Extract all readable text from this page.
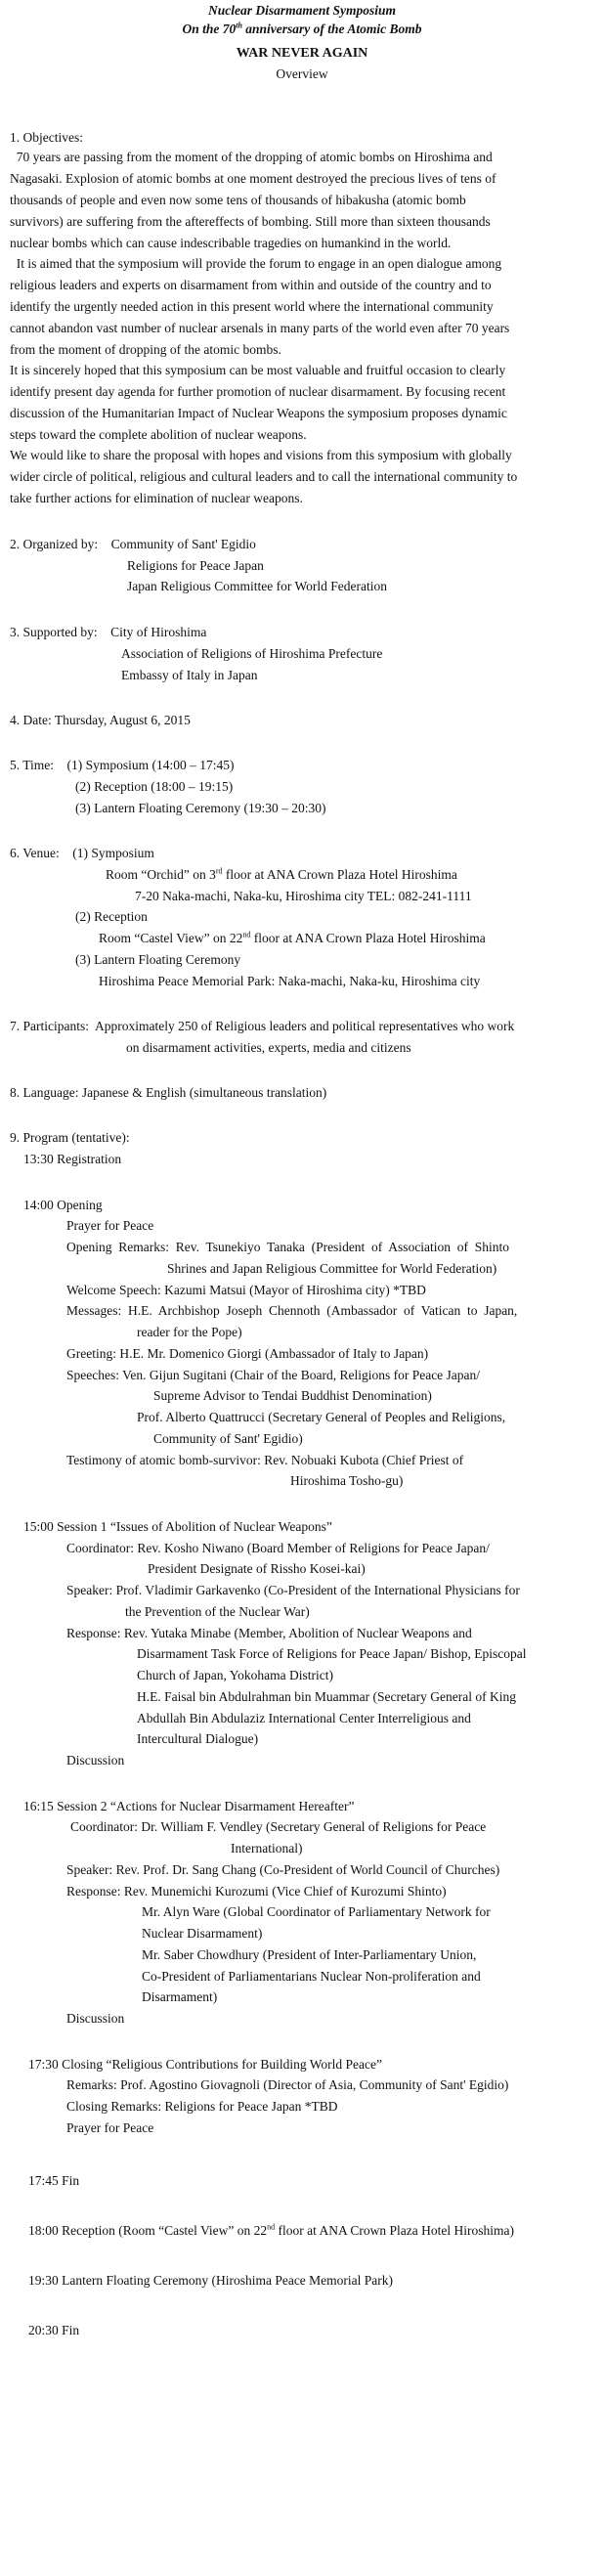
Nuclear Disarmament Symposium
On the 70th anniversary of the Atomic Bomb
WAR NEVER AGAIN
Overview
1. Objectives:
70 years are passing from the moment of the dropping of atomic bombs on Hiroshima and
Nagasaki. Explosion of atomic bombs at one moment destroyed the precious lives of tens of
thousands of people and even now some tens of thousands of hibakusha (atomic bomb
survivors) are suffering from the aftereffects of bombing. Still more than sixteen thousands
nuclear bombs which can cause indescribable tragedies on humankind in the world.
It is aimed that the symposium will provide the forum to engage in an open dialogue among
religious leaders and experts on disarmament from within and outside of the country and to
identify the urgently needed action in this present world where the international community
cannot abandon vast number of nuclear arsenals in many parts of the world even after 70 years
from the moment of dropping of the atomic bombs.
It is sincerely hoped that this symposium can be most valuable and fruitful occasion to clearly
identify present day agenda for further promotion of nuclear disarmament. By focusing recent
discussion of the Humanitarian Impact of Nuclear Weapons the symposium proposes dynamic
steps toward the complete abolition of nuclear weapons.
We would like to share the proposal with hopes and visions from this symposium with globally
wider circle of political, religious and cultural leaders and to call the international community to
take further actions for elimination of nuclear weapons.
2. Organized by:    Community of Sant' Egidio
Religions for Peace Japan
Japan Religious Committee for World Federation
3. Supported by:    City of Hiroshima
Association of Religions of Hiroshima Prefecture
Embassy of Italy in Japan
4. Date: Thursday, August 6, 2015
5. Time:    (1) Symposium (14:00 – 17:45)
(2) Reception (18:00 – 19:15)
(3) Lantern Floating Ceremony (19:30 – 20:30)
6. Venue:    (1) Symposium
Room “Orchid” on 3rd floor at ANA Crown Plaza Hotel Hiroshima
7-20 Naka-machi, Naka-ku, Hiroshima city TEL: 082-241-1111
(2) Reception
Room “Castel View” on 22nd floor at ANA Crown Plaza Hotel Hiroshima
(3) Lantern Floating Ceremony
Hiroshima Peace Memorial Park: Naka-machi, Naka-ku, Hiroshima city
7. Participants:  Approximately 250 of Religious leaders and political representatives who work
on disarmament activities, experts, media and citizens
8. Language: Japanese & English (simultaneous translation)
9. Program (tentative):
13:30 Registration
14:00 Opening
Prayer for Peace
Opening  Remarks:  Rev.  Tsunekiyo  Tanaka  (President  of  Association  of  Shinto
Shrines and Japan Religious Committee for World Federation)
Welcome Speech: Kazumi Matsui (Mayor of Hiroshima city) *TBD
Messages:  H.E.  Archbishop  Joseph  Chennoth  (Ambassador  of  Vatican  to  Japan,
reader for the Pope)
Greeting: H.E. Mr. Domenico Giorgi (Ambassador of Italy to Japan)
Speeches: Ven. Gijun Sugitani (Chair of the Board, Religions for Peace Japan/
Supreme Advisor to Tendai Buddhist Denomination)
Prof. Alberto Quattrucci (Secretary General of Peoples and Religions,
Community of Sant' Egidio)
Testimony of atomic bomb-survivor: Rev. Nobuaki Kubota (Chief Priest of
Hiroshima Tosho-gu)
15:00 Session 1 “Issues of Abolition of Nuclear Weapons”
Coordinator: Rev. Kosho Niwano (Board Member of Religions for Peace Japan/
President Designate of Rissho Kosei-kai)
Speaker: Prof. Vladimir Garkavenko (Co-President of the International Physicians for
the Prevention of the Nuclear War)
Response: Rev. Yutaka Minabe (Member, Abolition of Nuclear Weapons and
Disarmament Task Force of Religions for Peace Japan/ Bishop, Episcopal
Church of Japan, Yokohama District)
H.E. Faisal bin Abdulrahman bin Muammar (Secretary General of King
Abdullah Bin Abdulaziz International Center Interreligious and
Intercultural Dialogue)
Discussion
16:15 Session 2 “Actions for Nuclear Disarmament Hereafter”
Coordinator: Dr. William F. Vendley (Secretary General of Religions for Peace
International)
Speaker: Rev. Prof. Dr. Sang Chang (Co-President of World Council of Churches)
Response: Rev. Munemichi Kurozumi (Vice Chief of Kurozumi Shinto)
Mr. Alyn Ware (Global Coordinator of Parliamentary Network for
Nuclear Disarmament)
Mr. Saber Chowdhury (President of Inter-Parliamentary Union,
Co-President of Parliamentarians Nuclear Non-proliferation and
Disarmament)
Discussion
17:30 Closing “Religious Contributions for Building World Peace”
Remarks: Prof. Agostino Giovagnoli (Director of Asia, Community of Sant' Egidio)
Closing Remarks: Religions for Peace Japan *TBD
Prayer for Peace
17:45 Fin
18:00 Reception (Room “Castel View” on 22nd floor at ANA Crown Plaza Hotel Hiroshima)
19:30 Lantern Floating Ceremony (Hiroshima Peace Memorial Park)
20:30 Fin
